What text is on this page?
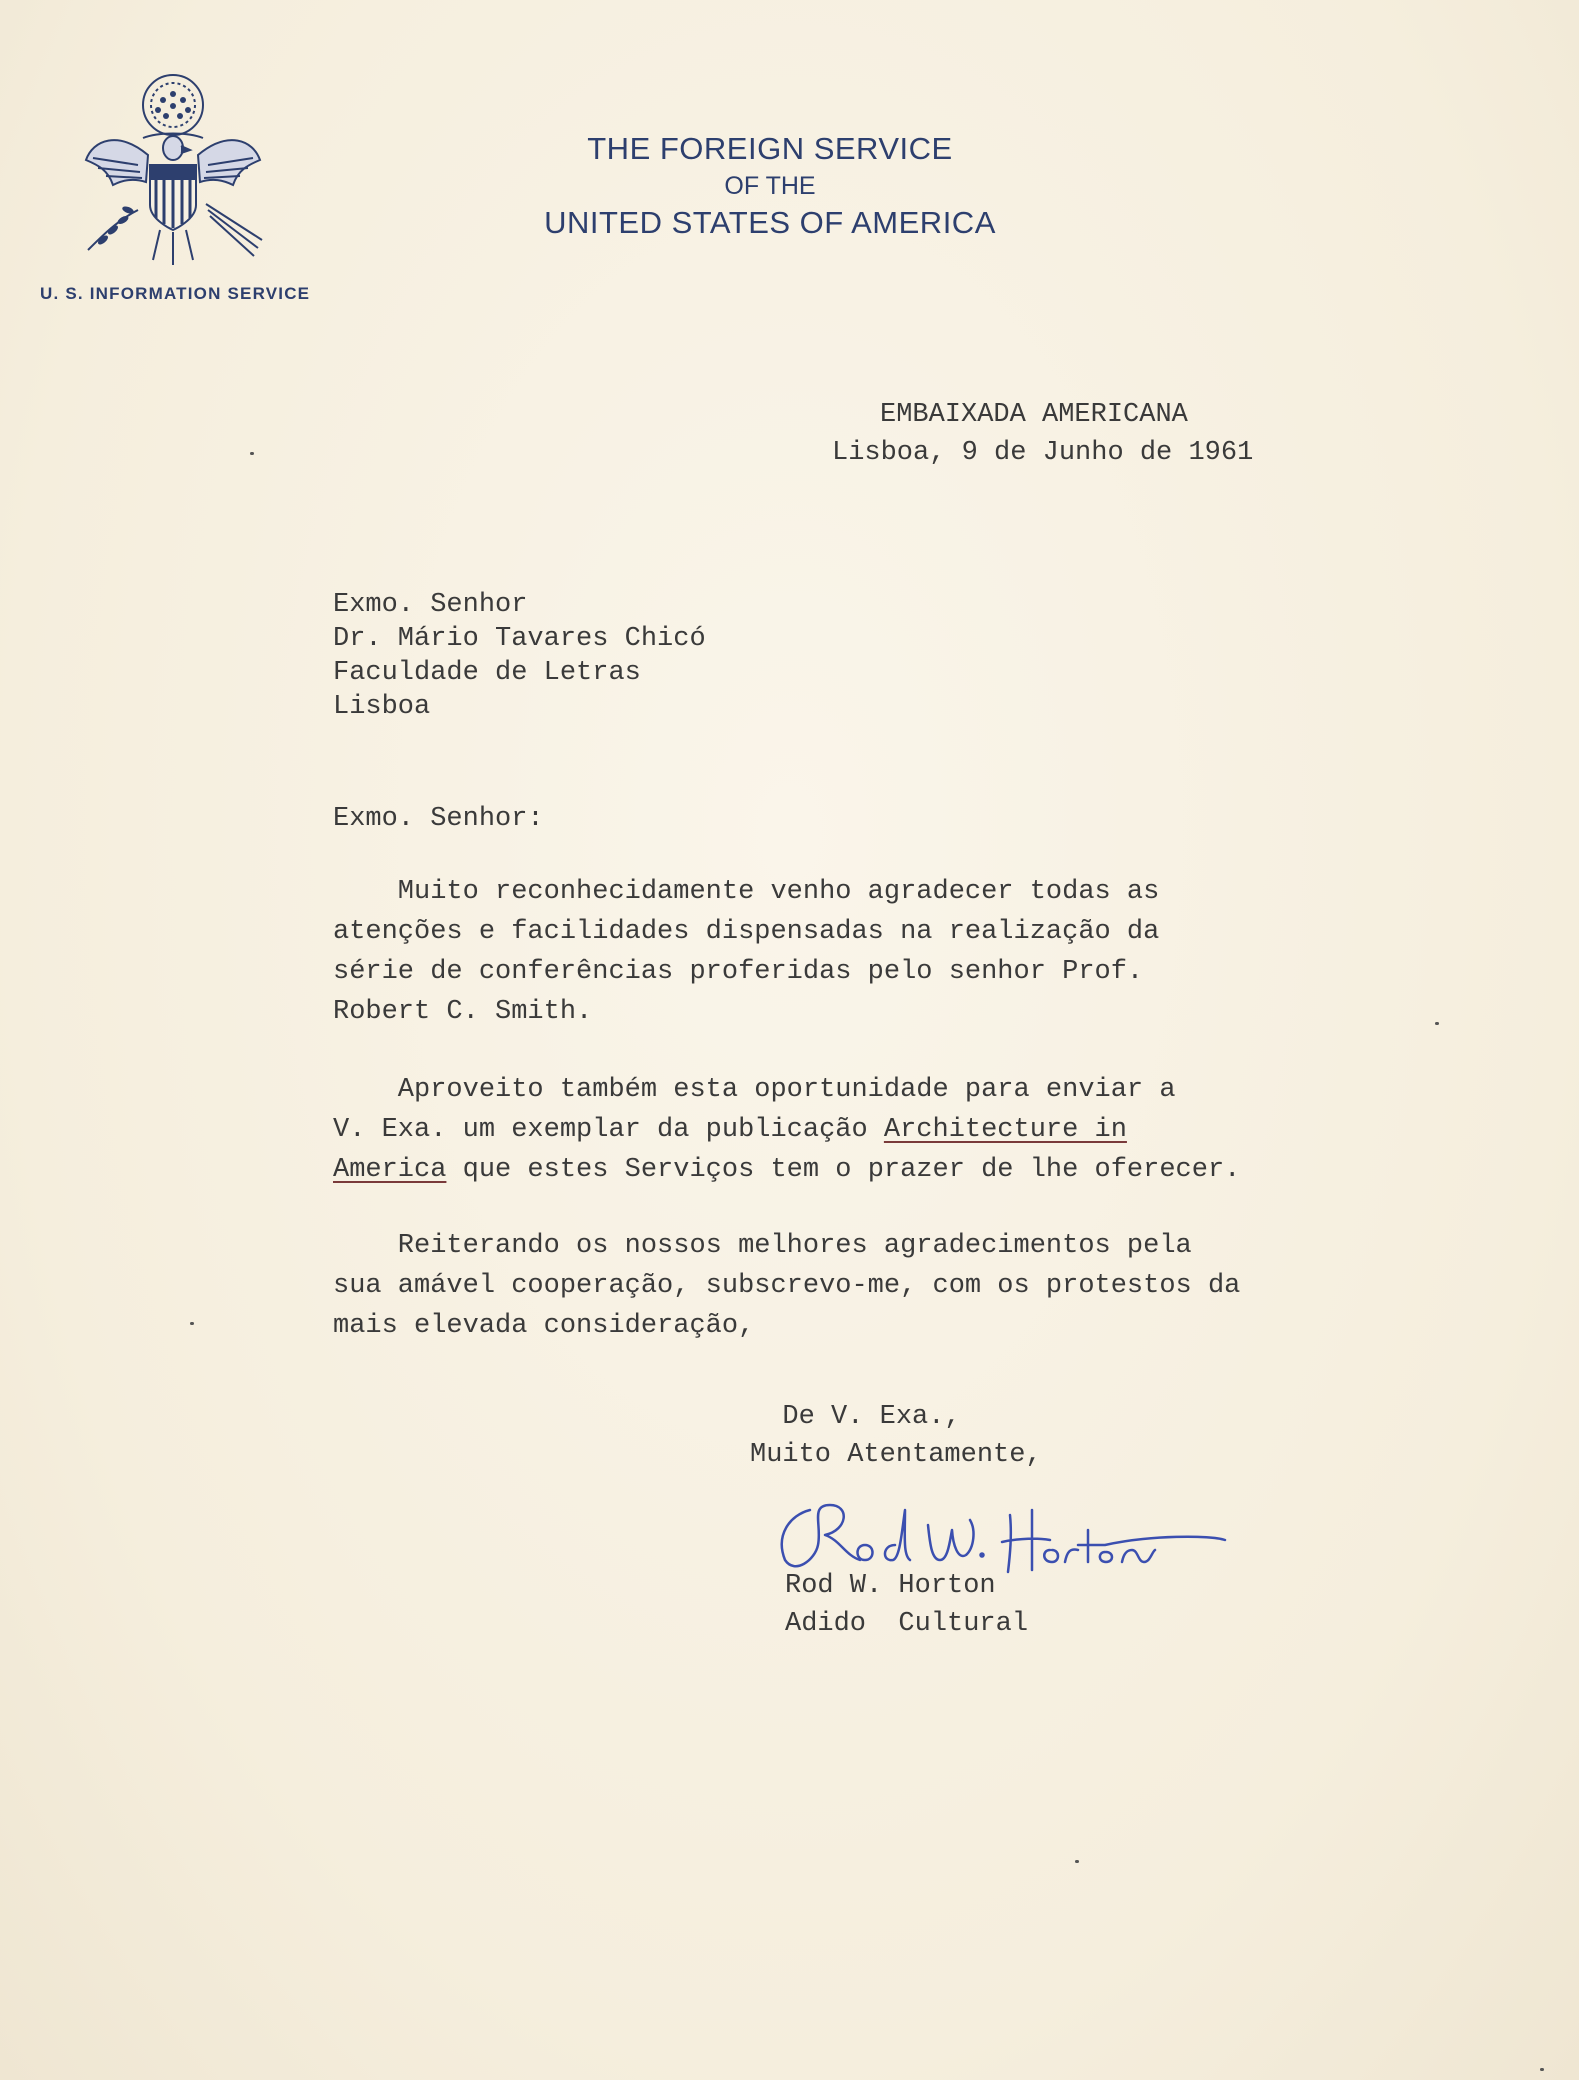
U. S. INFORMATION SERVICE
THE FOREIGN SERVICE
OF THE
UNITED STATES OF AMERICA
EMBAIXADA AMERICANA
Lisboa, 9 de Junho de 1961
Exmo. Senhor
Dr. Mário Tavares Chicó
Faculdade de Letras
Lisboa
Exmo. Senhor:
Muito reconhecidamente venho agradecer todas as
atenções e facilidades dispensadas na realização da
série de conferências proferidas pelo senhor Prof.
Robert C. Smith.
Aproveito também esta oportunidade para enviar a
V. Exa. um exemplar da publicação Architecture in
America que estes Serviços tem o prazer de lhe oferecer.
Reiterando os nossos melhores agradecimentos pela
sua amável cooperação, subscrevo-me, com os protestos da
mais elevada consideração,
De V. Exa.,
Muito Atentamente,
Rod W. Horton
Adido  Cultural
